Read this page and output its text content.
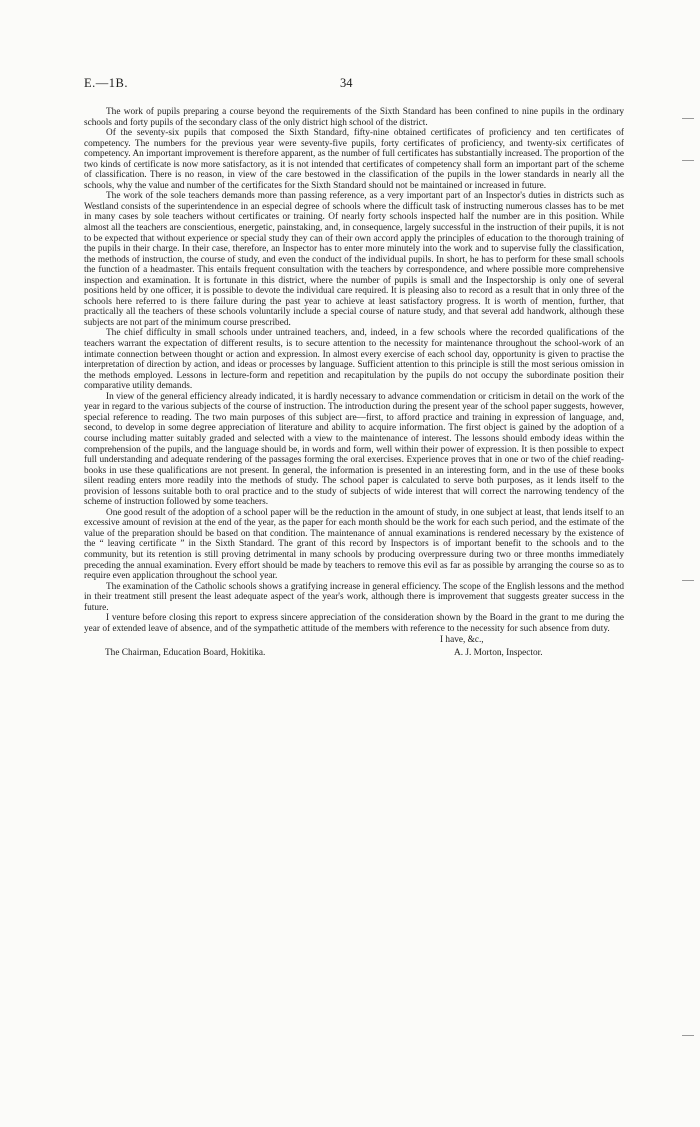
E.—1B.	34

The work of pupils preparing a course beyond the requirements of the Sixth Standard has been confined to nine pupils in the ordinary schools and forty pupils of the secondary class of the only district high school of the district.

Of the seventy-six pupils that composed the Sixth Standard, fifty-nine obtained certificates of proficiency and ten certificates of competency. The numbers for the previous year were seventy-five pupils, forty certificates of proficiency, and twenty-six certificates of competency. An important improvement is therefore apparent, as the number of full certificates has substantially increased. The proportion of the two kinds of certificate is now more satisfactory, as it is not intended that certificates of competency shall form an important part of the scheme of classification. There is no reason, in view of the care bestowed in the classification of the pupils in the lower standards in nearly all the schools, why the value and number of the certificates for the Sixth Standard should not be maintained or increased in future.

The work of the sole teachers demands more than passing reference, as a very important part of an Inspector's duties in districts such as Westland consists of the superintendence in an especial degree of schools where the difficult task of instructing numerous classes has to be met in many cases by sole teachers without certificates or training. Of nearly forty schools inspected half the number are in this position. While almost all the teachers are conscientious, energetic, painstaking, and, in consequence, largely successful in the instruction of their pupils, it is not to be expected that without experience or special study they can of their own accord apply the principles of education to the thorough training of the pupils in their charge. In their case, therefore, an Inspector has to enter more minutely into the work and to supervise fully the classification, the methods of instruction, the course of study, and even the conduct of the individual pupils. In short, he has to perform for these small schools the function of a headmaster. This entails frequent consultation with the teachers by correspondence, and where possible more comprehensive inspection and examination. It is fortunate in this district, where the number of pupils is small and the Inspectorship is only one of several positions held by one officer, it is possible to devote the individual care required. It is pleasing also to record as a result that in only three of the schools here referred to is there failure during the past year to achieve at least satisfactory progress. It is worth of mention, further, that practically all the teachers of these schools voluntarily include a special course of nature study, and that several add handwork, although these subjects are not part of the minimum course prescribed.

The chief difficulty in small schools under untrained teachers, and, indeed, in a few schools where the recorded qualifications of the teachers warrant the expectation of different results, is to secure attention to the necessity for maintenance throughout the school-work of an intimate connection between thought or action and expression. In almost every exercise of each school day, opportunity is given to practise the interpretation of direction by action, and ideas or processes by language. Sufficient attention to this principle is still the most serious omission in the methods employed. Lessons in lecture-form and repetition and recapitulation by the pupils do not occupy the subordinate position their comparative utility demands.

In view of the general efficiency already indicated, it is hardly necessary to advance commendation or criticism in detail on the work of the year in regard to the various subjects of the course of instruction. The introduction during the present year of the school paper suggests, however, special reference to reading. The two main purposes of this subject are—first, to afford practice and training in expression of language, and, second, to develop in some degree appreciation of literature and ability to acquire information. The first object is gained by the adoption of a course including matter suitably graded and selected with a view to the maintenance of interest. The lessons should embody ideas within the comprehension of the pupils, and the language should be, in words and form, well within their power of expression. It is then possible to expect full understanding and adequate rendering of the passages forming the oral exercises. Experience proves that in one or two of the chief reading-books in use these qualifications are not present. In general, the information is presented in an interesting form, and in the use of these books silent reading enters more readily into the methods of study. The school paper is calculated to serve both purposes, as it lends itself to the provision of lessons suitable both to oral practice and to the study of subjects of wide interest that will correct the narrowing tendency of the scheme of instruction followed by some teachers.

One good result of the adoption of a school paper will be the reduction in the amount of study, in one subject at least, that lends itself to an excessive amount of revision at the end of the year, as the paper for each month should be the work for each such period, and the estimate of the value of the preparation should be based on that condition. The maintenance of annual examinations is rendered necessary by the existence of the “ leaving certificate ” in the Sixth Standard. The grant of this record by Inspectors is of important benefit to the schools and to the community, but its retention is still proving detrimental in many schools by producing overpressure during two or three months immediately preceding the annual examination. Every effort should be made by teachers to remove this evil as far as possible by arranging the course so as to require even application throughout the school year.

The examination of the Catholic schools shows a gratifying increase in general efficiency. The scope of the English lessons and the method in their treatment still present the least adequate aspect of the year's work, although there is improvement that suggests greater success in the future.

I venture before closing this report to express sincere appreciation of the consideration shown by the Board in the grant to me during the year of extended leave of absence, and of the sympathetic attitude of the members with reference to the necessity for such absence from duty.

I have, &c.,
The Chairman, Education Board, Hokitika.	A. J. Morton, Inspector.
